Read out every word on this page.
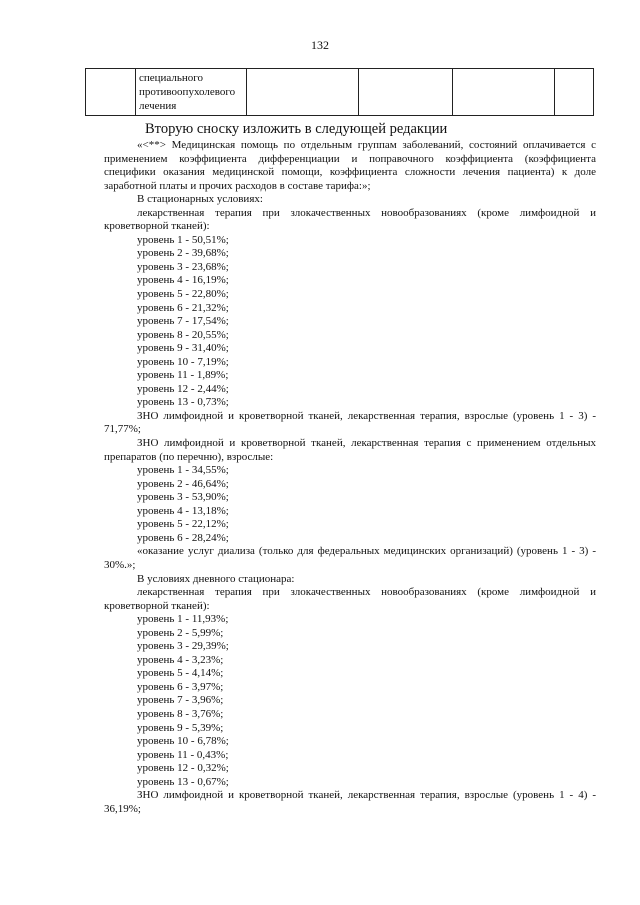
132

специального противоопухолевого лечения

Вторую сноску изложить в следующей редакции

«<**> Медицинская помощь по отдельным группам заболеваний, состояний оплачивается с применением коэффициента дифференциации и поправочного коэффициента (коэффициента специфики оказания медицинской помощи, коэффициента сложности лечения пациента) к доле заработной платы и прочих расходов в составе тарифа:»;

В стационарных условиях:

лекарственная терапия при злокачественных новообразованиях (кроме лимфоидной и кроветворной тканей):

уровень 1 - 50,51%;

уровень 2 - 39,68%;

уровень 3 - 23,68%;

уровень 4 - 16,19%;

уровень 5 - 22,80%;

уровень 6 - 21,32%;

уровень 7 - 17,54%;

уровень 8 - 20,55%;

уровень 9 - 31,40%;

уровень 10 - 7,19%;

уровень 11 - 1,89%;

уровень 12 - 2,44%;

уровень 13 - 0,73%;

ЗНО лимфоидной и кроветворной тканей, лекарственная терапия, взрослые (уровень 1 - 3) - 71,77%;

ЗНО лимфоидной и кроветворной тканей, лекарственная терапия с применением отдельных препаратов (по перечню), взрослые:

уровень 1 - 34,55%;

уровень 2 - 46,64%;

уровень 3 - 53,90%;

уровень 4 - 13,18%;

уровень 5 - 22,12%;

уровень 6 - 28,24%;

«оказание услуг диализа (только для федеральных медицинских организаций) (уровень 1 - 3) - 30%.»;

В условиях дневного стационара:

лекарственная терапия при злокачественных новообразованиях (кроме лимфоидной и кроветворной тканей):

уровень 1 - 11,93%;

уровень 2 - 5,99%;

уровень 3 - 29,39%;

уровень 4 - 3,23%;

уровень 5 - 4,14%;

уровень 6 - 3,97%;

уровень 7 - 3,96%;

уровень 8 - 3,76%;

уровень 9 - 5,39%;

уровень 10 - 6,78%;

уровень 11 - 0,43%;

уровень 12 - 0,32%;

уровень 13 - 0,67%;

ЗНО лимфоидной и кроветворной тканей, лекарственная терапия, взрослые (уровень 1 - 4) - 36,19%;
